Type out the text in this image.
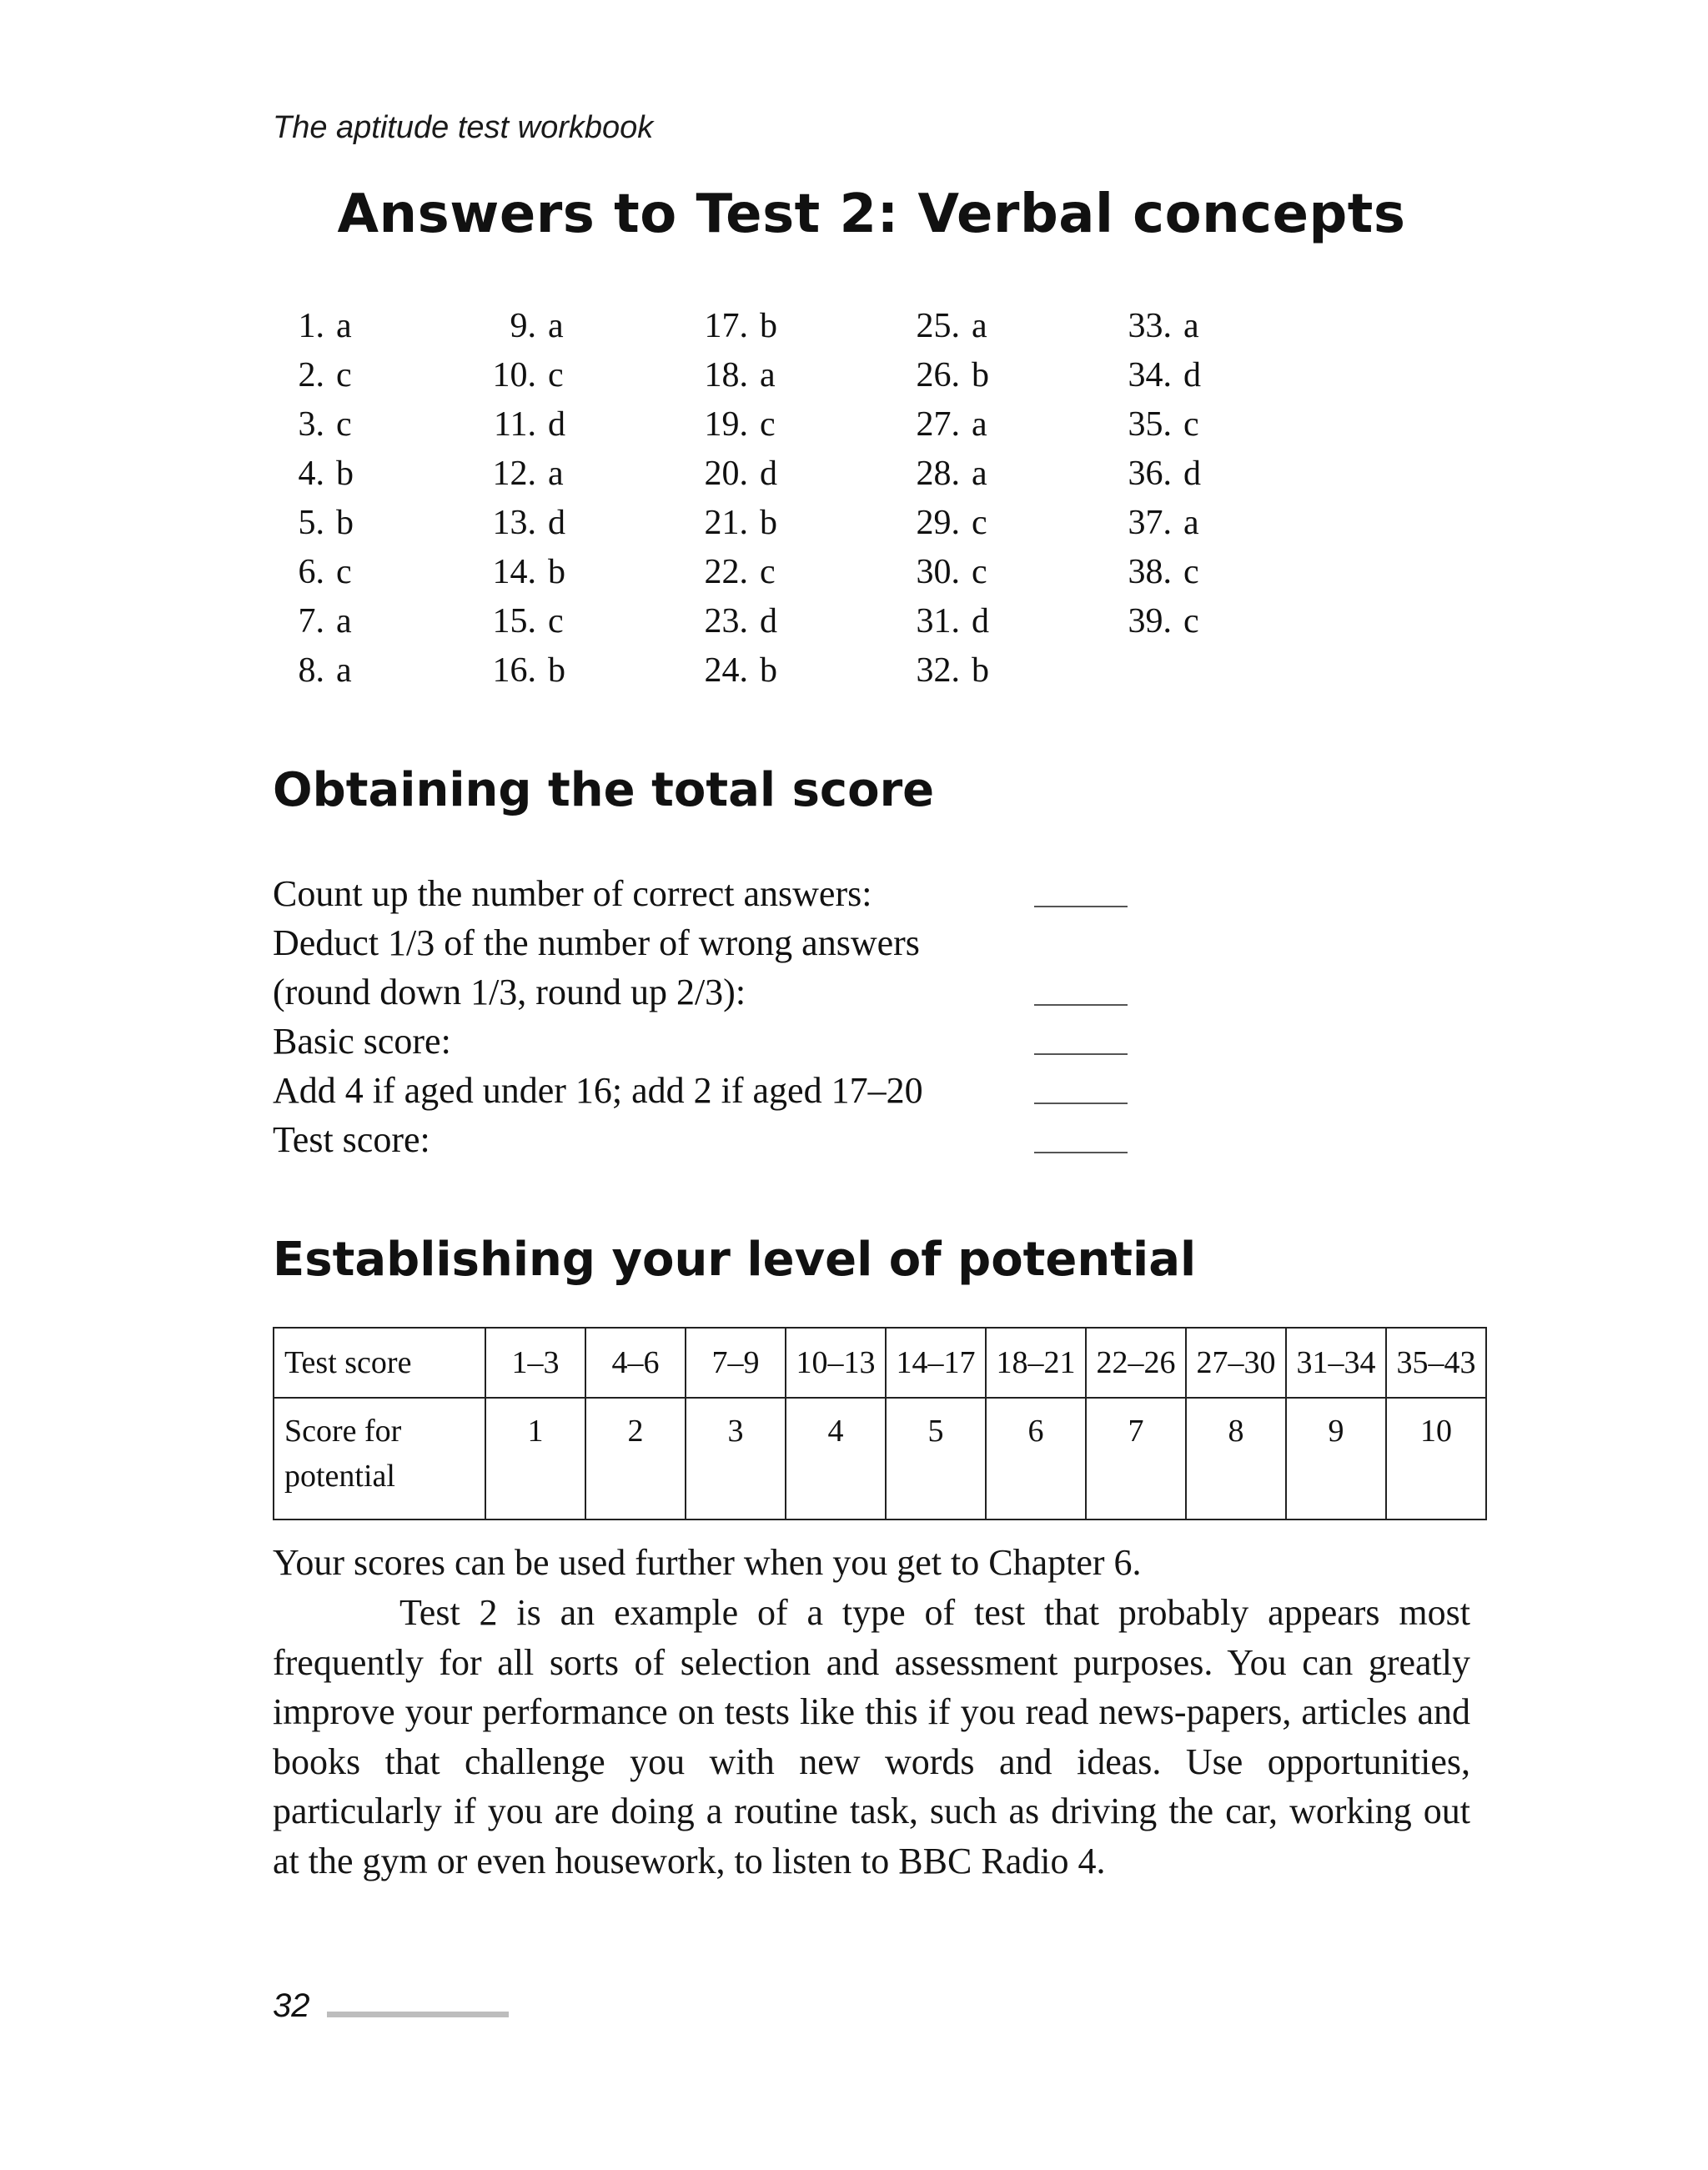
The aptitude test workbook
Answers to Test 2: Verbal concepts
1. a
2. c
3. c
4. b
5. b
6. c
7. a
8. a
9. a
10. c
11. d
12. a
13. d
14. b
15. c
16. b
17. b
18. a
19. c
20. d
21. b
22. c
23. d
24. b
25. a
26. b
27. a
28. a
29. c
30. c
31. d
32. b
33. a
34. d
35. c
36. d
37. a
38. c
39. c
Obtaining the total score
Count up the number of correct answers:
Deduct 1/3 of the number of wrong answers
(round down 1/3, round up 2/3):
Basic score:
Add 4 if aged under 16; add 2 if aged 17–20
Test score:
Establishing your level of potential
Test score	1–3	4–6	7–9	10–13	14–17	18–21	22–26	27–30	31–34	35–43
Score for
potential	1	2	3	4	5	6	7	8	9	10

Your scores can be used further when you get to Chapter 6.

Test 2 is an example of a type of test that probably appears most frequently for all sorts of selection and assessment purposes. You can greatly improve your performance on tests like this if you read news-papers, articles and books that challenge you with new words and ideas. Use opportunities, particularly if you are doing a routine task, such as driving the car, working out at the gym or even housework, to listen to BBC Radio 4.

32
